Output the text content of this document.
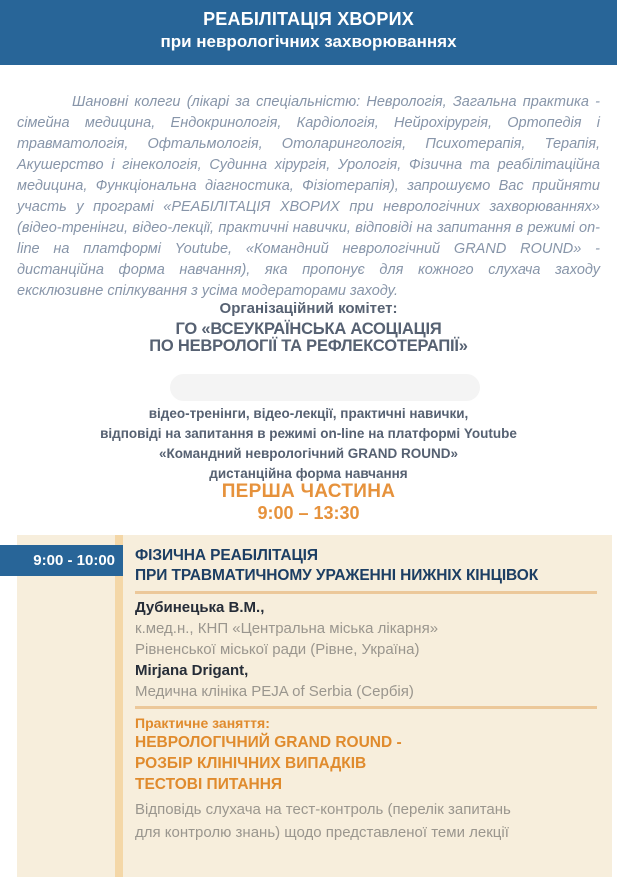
РЕАБІЛІТАЦІЯ ХВОРИХ
при неврологічних захворюваннях

Шановні колеги (лікарі за спеціальністю: Неврологія, Загальна практика - сімейна медицина, Ендокринологія, Кардіологія, Нейрохірургія, Ортопедія і травматологія, Офтальмологія, Отоларингологія, Психотерапія, Терапія, Акушерство і гінекологія, Судинна хірургія, Урологія, Фізична та реабілітаційна медицина, Функціональна діагностика, Фізіотерапія), запрошуємо Вас прийняти участь у програмі «РЕАБІЛІТАЦІЯ ХВОРИХ при неврологічних захворюваннях» (відео-тренінги, відео-лекції, практичні навички, відповіді на запитання в режимі on-line на платформі Youtube, «Командний неврологічний GRAND ROUND» - дистанційна форма навчання), яка пропонує для кожного слухача заходу ексклюзивне спілкування з усіма модераторами заходу.

Організаційний комітет:
ГО «ВСЕУКРАЇНСЬКА АСОЦІАЦІЯ
ПО НЕВРОЛОГІЇ ТА РЕФЛЕКСОТЕРАПІЇ»
відео-тренінги, відео-лекції, практичні навички,
відповіді на запитання в режимі on-line на платформі Youtube
«Командний неврологічний GRAND ROUND»
дистанційна форма навчання
ПЕРША ЧАСТИНА
9:00 – 13:30
ФІЗИЧНА РЕАБІЛІТАЦІЯ
ПРИ ТРАВМАТИЧНОМУ УРАЖЕННІ НИЖНІХ КІНЦІВОК
Дубинецька В.М.,
к.мед.н., КНП «Центральна міська лікарня»
Рівненської міської ради (Рівне, Україна)
Mirjana Drigant,
Медична клініка PEJA of Serbia (Сербія)
Практичне заняття:
НЕВРОЛОГІЧНИЙ GRAND ROUND -
РОЗБІР КЛІНІЧНИХ ВИПАДКІВ
ТЕСТОВІ ПИТАННЯ
Відповідь слухача на тест-контроль (перелік запитань
для контролю знань) щодо представленої теми лекції
9:00 - 10:00
